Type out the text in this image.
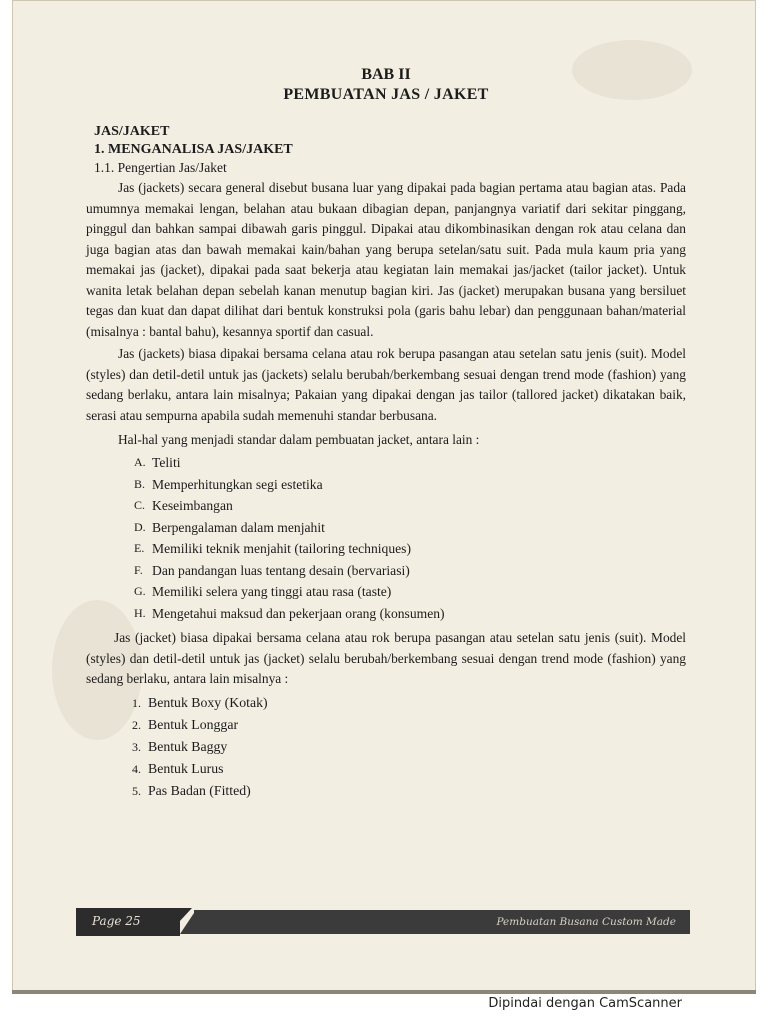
BAB II

PEMBUATAN JAS / JAKET

JAS/JAKET

1. MENGANALISA JAS/JAKET

1.1. Pengertian Jas/Jaket

Jas (jackets) secara general disebut busana luar yang dipakai pada bagian pertama atau bagian atas. Pada umumnya memakai lengan, belahan atau bukaan dibagian depan, panjangnya variatif dari sekitar pinggang, pinggul dan bahkan sampai dibawah garis pinggul. Dipakai atau dikombinasikan dengan rok atau celana dan juga bagian atas dan bawah memakai kain/bahan yang berupa setelan/satu suit. Pada mula kaum pria yang memakai jas (jacket), dipakai pada saat bekerja atau kegiatan lain memakai jas/jacket (tailor jacket). Untuk wanita letak belahan depan sebelah kanan menutup bagian kiri. Jas (jacket) merupakan busana yang bersiluet tegas dan kuat dan dapat dilihat dari bentuk konstruksi pola (garis bahu lebar) dan penggunaan bahan/material (misalnya : bantal bahu), kesannya sportif dan casual.

Jas (jackets) biasa dipakai bersama celana atau rok berupa pasangan atau setelan satu jenis (suit). Model (styles) dan detil-detil untuk jas (jackets) selalu berubah/berkembang sesuai dengan trend mode (fashion) yang sedang berlaku, antara lain misalnya; Pakaian yang dipakai dengan jas tailor (tallored jacket) dikatakan baik, serasi atau sempurna apabila sudah memenuhi standar berbusana.

Hal-hal yang menjadi standar dalam pembuatan jacket, antara lain :

A. Teliti
B. Memperhitungkan segi estetika
C. Keseimbangan
D. Berpengalaman dalam menjahit
E. Memiliki teknik menjahit (tailoring techniques)
F. Dan pandangan luas tentang desain (bervariasi)
G. Memiliki selera yang tinggi atau rasa (taste)
H. Mengetahui maksud dan pekerjaan orang (konsumen)

Jas (jacket) biasa dipakai bersama celana atau rok berupa pasangan atau setelan satu jenis (suit). Model (styles) dan detil-detil untuk jas (jacket) selalu berubah/berkembang sesuai dengan trend mode (fashion) yang sedang berlaku, antara lain misalnya :

1. Bentuk Boxy (Kotak)
2. Bentuk Longgar
3. Bentuk Baggy
4. Bentuk Lurus
5. Pas Badan (Fitted)
Page 25	Pembuatan Busana Custom Made
Dipindai dengan CamScanner
